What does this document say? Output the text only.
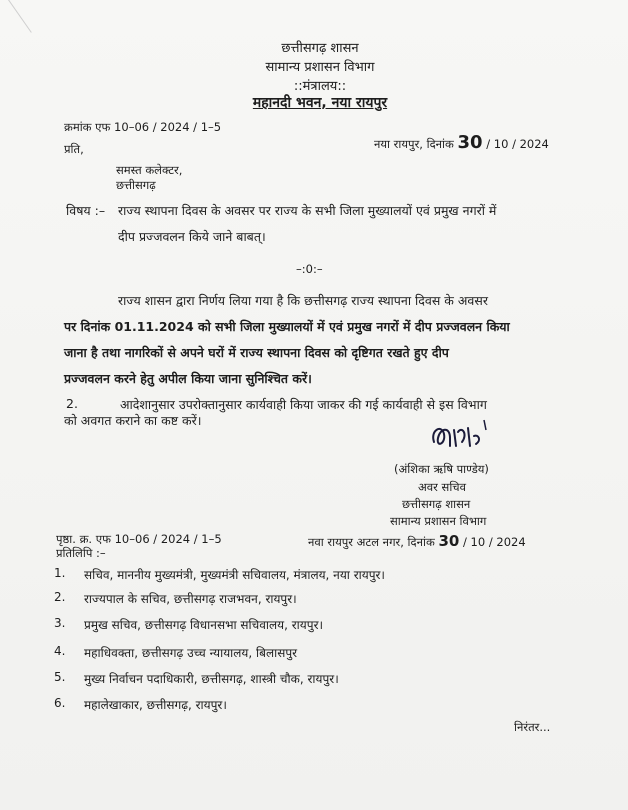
छत्तीसगढ़ शासन
सामान्य प्रशासन विभाग
::मंत्रालय::
महानदी भवन, नया रायपुर
क्रमांक एफ 10–06 / 2024 / 1–5
नया रायपुर, दिनांक 30 / 10 / 2024
प्रति,
समस्त कलेक्टर,
छत्तीसगढ़
विषय :– राज्य स्थापना दिवस के अवसर पर राज्य के सभी जिला मुख्यालयों एवं प्रमुख नगरों में
दीप प्रज्जवलन किये जाने बाबत्।
–:0:–
राज्य शासन द्वारा निर्णय लिया गया है कि छत्तीसगढ़ राज्य स्थापना दिवस के अवसर
पर दिनांक 01.11.2024 को सभी जिला मुख्यालयों में एवं प्रमुख नगरों में दीप प्रज्जवलन किया
जाना है तथा नागरिकों से अपने घरों में राज्य स्थापना दिवस को दृष्टिगत रखते हुए दीप
प्रज्जवलन करने हेतु अपील किया जाना सुनिश्चित करें।
2.	आदेशानुसार उपरोक्तानुसार कार्यवाही किया जाकर की गई कार्यवाही से इस विभाग
को अवगत कराने का कष्ट करें।
(अंशिका ऋषि पाण्डेय)
अवर सचिव
छत्तीसगढ़ शासन
सामान्य प्रशासन विभाग
पृष्ठा. क्र. एफ 10–06 / 2024 / 1–5	नवा रायपुर अटल नगर, दिनांक 30 / 10 / 2024
प्रतिलिपि :–
1. सचिव, माननीय मुख्यमंत्री, मुख्यमंत्री सचिवालय, मंत्रालय, नया रायपुर।
2. राज्यपाल के सचिव, छत्तीसगढ़ राजभवन, रायपुर।
3. प्रमुख सचिव, छत्तीसगढ़ विधानसभा सचिवालय, रायपुर।
4. महाधिवक्ता, छत्तीसगढ़ उच्च न्यायालय, बिलासपुर
5. मुख्य निर्वाचन पदाधिकारी, छत्तीसगढ़, शास्त्री चौक, रायपुर।
6. महालेखाकार, छत्तीसगढ़, रायपुर।
निरंतर...
